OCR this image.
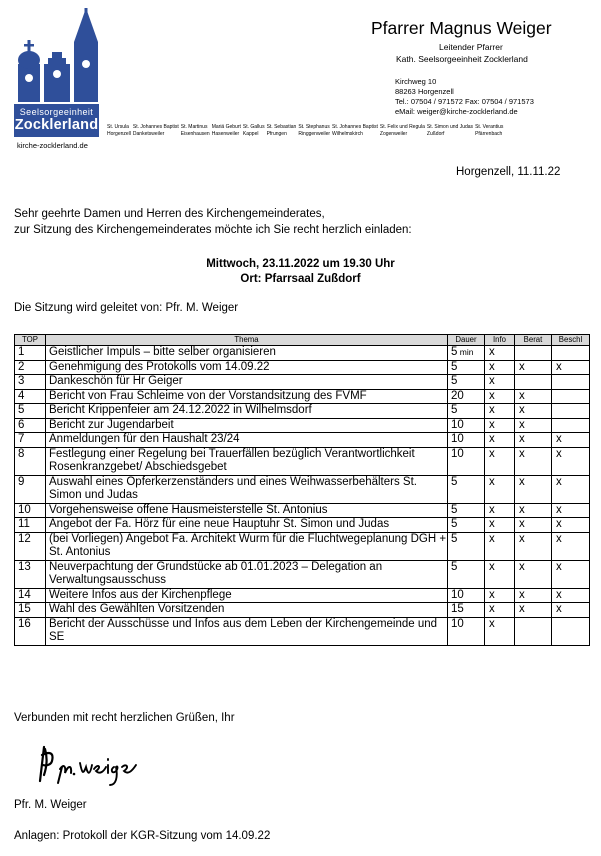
Seelsorgeeinheit
Zocklerland
kirche-zocklerland.de
St. Ursula
Horgenzell
St. Johannes Baptist
Danketsweiler
St. Martinus
Eisenhausen
Mariä Geburt
Hasenweiler
St. Gallus
Kappel
St. Sebastian
Pfrungen
St. Stephanus
Ringgenweiler
St. Johannes Baptist
Wilhelmskirch
St. Felix und Regula
Zogenweiler
St. Simon und Judas
Zußdorf
St. Verantius
Pfärrenbach
Pfarrer Magnus Weiger
Leitender Pfarrer
Kath. Seelsorgeeinheit Zocklerland
Kirchweg 10
88263 Horgenzell
Tel.: 07504 / 971572 Fax: 07504 / 971573
eMail: weiger@kirche-zocklerland.de
Horgenzell, 11.11.22
Sehr geehrte Damen und Herren des Kirchengemeinderates,
zur Sitzung des Kirchengemeinderates möchte ich Sie recht herzlich einladen:
Mittwoch, 23.11.2022 um 19.30 Uhr
Ort: Pfarrsaal Zußdorf
Die Sitzung wird geleitet von: Pfr. M. Weiger
TOP	Thema	Dauer	Info	Berat	Beschl
1	Geistlicher Impuls – bitte selber organisieren	5 min	x		
2	Genehmigung des Protokolls vom 14.09.22	5	x	x	x
3	Dankeschön für Hr Geiger	5	x		
4	Bericht von Frau Schleime von der Vorstandsitzung des FVMF	20	x	x	
5	Bericht Krippenfeier am 24.12.2022 in Wilhelmsdorf	5	x	x	
6	Bericht zur Jugendarbeit	10	x	x	
7	Anmeldungen für den Haushalt 23/24	10	x	x	x
8	Festlegung einer Regelung bei Trauerfällen bezüglich Verantwortlichkeit Rosenkranzgebet/ Abschiedsgebet	10	x	x	x
9	Auswahl eines Opferkerzenständers und eines Weihwasserbehälters St. Simon und Judas	5	x	x	x
10	Vorgehensweise offene Hausmeisterstelle St. Antonius	5	x	x	x
11	Angebot der Fa. Hörz für eine neue Hauptuhr St. Simon und Judas	5	x	x	x
12	(bei Vorliegen) Angebot Fa. Architekt Wurm für die Fluchtwegeplanung DGH + St. Antonius	5	x	x	x
13	Neuverpachtung der Grundstücke ab 01.01.2023 – Delegation an Verwaltungsausschuss	5	x	x	x
14	Weitere Infos aus der Kirchenpflege	10	x	x	x
15	Wahl des Gewählten Vorsitzenden	15	x	x	x
16	Bericht der Ausschüsse und Infos aus dem Leben der Kirchengemeinde und SE	10	x		
Verbunden mit recht herzlichen Grüßen, Ihr
Pfr. M. Weiger
Anlagen: Protokoll der KGR-Sitzung vom 14.09.22
